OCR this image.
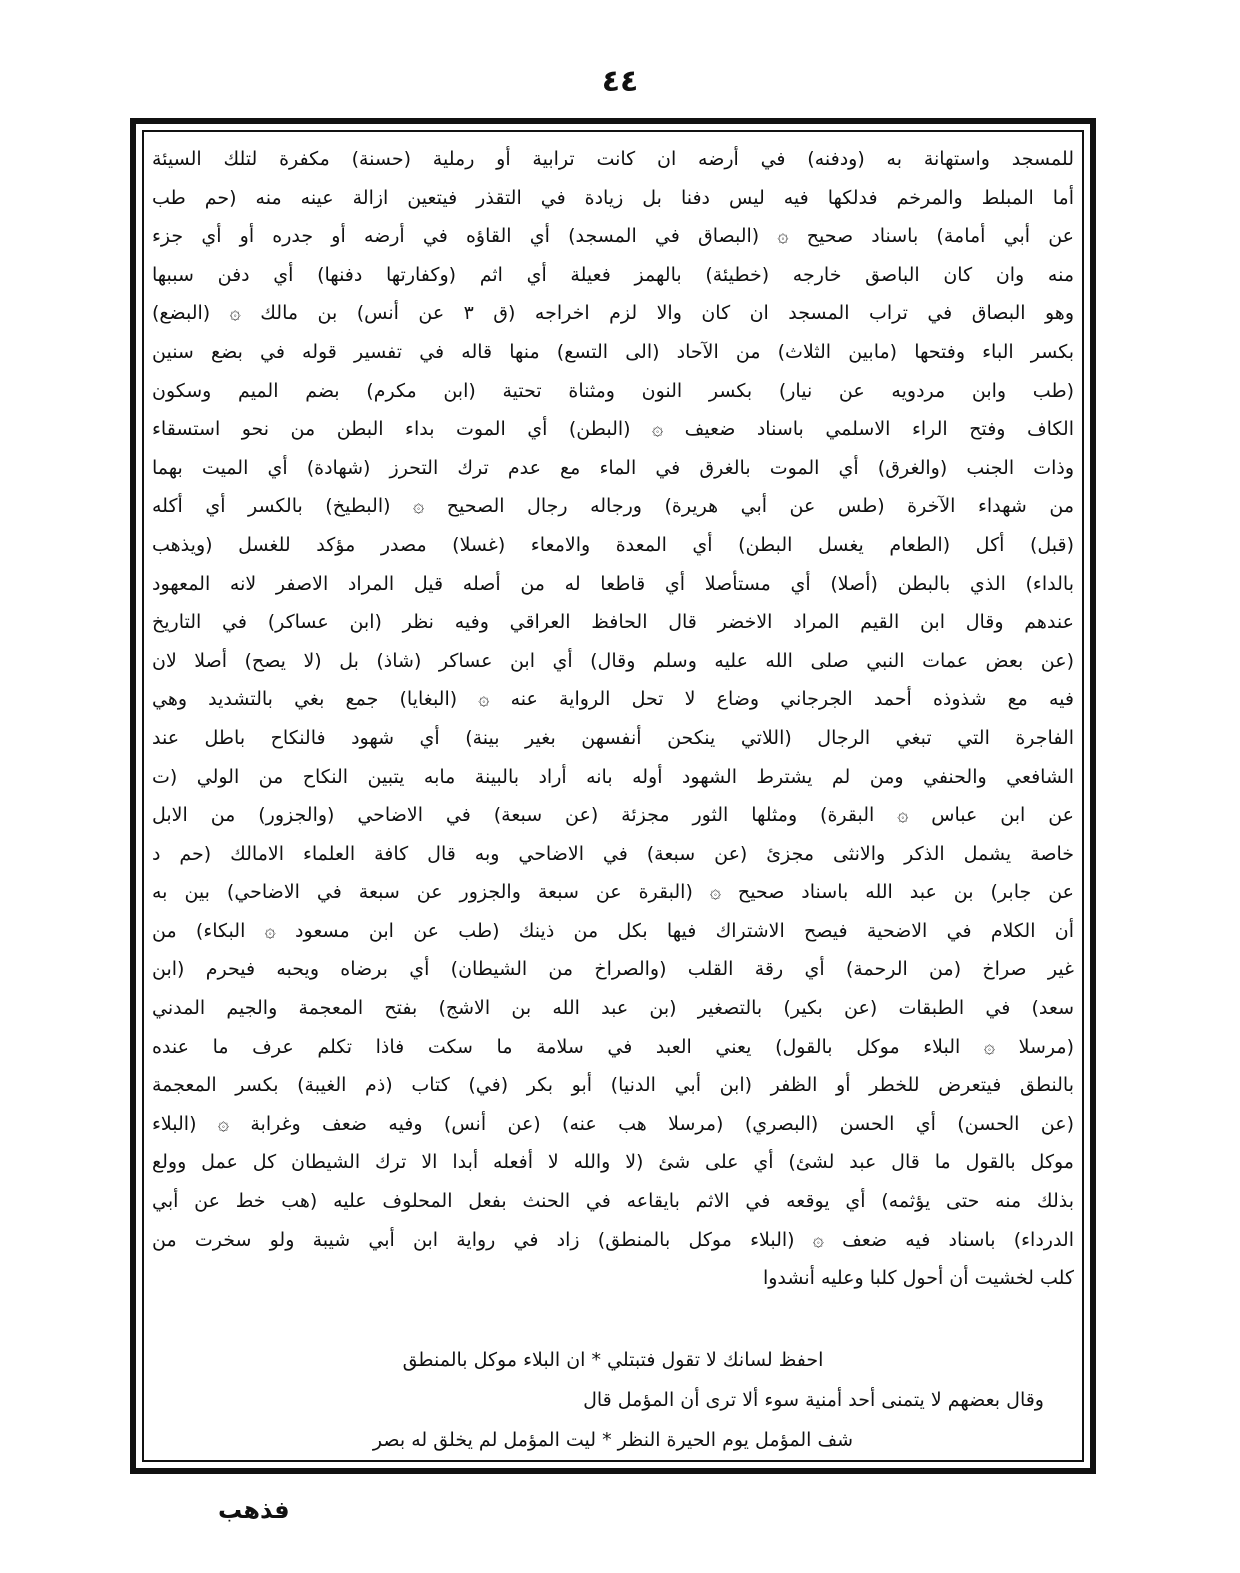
٤٤
للمسجد واستهانة به (ودفنه) في أرضه ان كانت ترابية أو رملية (حسنة) مكفرة لتلك السيئة
أما المبلط والمرخم فدلكها فيه ليس دفنا بل زيادة في التقذر فيتعين ازالة عينه منه (حم طب
عن أبي أمامة) باسناد صحيح ۞ (البصاق في المسجد) أي القاؤه في أرضه أو جدره أو أي جزء
منه وان كان الباصق خارجه (خطيئة) بالهمز فعيلة أي اثم (وكفارتها دفنها) أي دفن سببها
وهو البصاق في تراب المسجد ان كان والا لزم اخراجه (ق ٣ عن أنس) بن مالك ۞ (البضع)
بكسر الباء وفتحها (مابين الثلاث) من الآحاد (الى التسع) منها قاله في تفسير قوله في بضع سنين
(طب وابن مردويه عن نيار) بكسر النون ومثناة تحتية (ابن مكرم) بضم الميم وسكون
الكاف وفتح الراء الاسلمي باسناد ضعيف ۞ (البطن) أي الموت بداء البطن من نحو استسقاء
وذات الجنب (والغرق) أي الموت بالغرق في الماء مع عدم ترك التحرز (شهادة) أي الميت بهما
من شهداء الآخرة (طس عن أبي هريرة) ورجاله رجال الصحيح ۞ (البطيخ) بالكسر أي أكله
(قبل) أكل (الطعام يغسل البطن) أي المعدة والامعاء (غسلا) مصدر مؤكد للغسل (ويذهب
بالداء) الذي بالبطن (أصلا) أي مستأصلا أي قاطعا له من أصله قيل المراد الاصفر لانه المعهود
عندهم وقال ابن القيم المراد الاخضر قال الحافظ العراقي وفيه نظر (ابن عساكر) في التاريخ
(عن بعض عمات النبي صلى الله عليه وسلم وقال) أي ابن عساكر (شاذ) بل (لا يصح) أصلا لان
فيه مع شذوذه أحمد الجرجاني وضاع لا تحل الرواية عنه ۞ (البغايا) جمع بغي بالتشديد وهي
الفاجرة التي تبغي الرجال (اللاتي ينكحن أنفسهن بغير بينة) أي شهود فالنكاح باطل عند
الشافعي والحنفي ومن لم يشترط الشهود أوله بانه أراد بالبينة مابه يتبين النكاح من الولي (ت
عن ابن عباس ۞ البقرة) ومثلها الثور مجزئة (عن سبعة) في الاضاحي (والجزور) من الابل
خاصة يشمل الذكر والانثى مجزئ (عن سبعة) في الاضاحي وبه قال كافة العلماء الامالك (حم د
عن جابر) بن عبد الله باسناد صحيح ۞ (البقرة عن سبعة والجزور عن سبعة في الاضاحي) بين به
أن الكلام في الاضحية فيصح الاشتراك فيها بكل من ذينك (طب عن ابن مسعود ۞ البكاء) من
غير صراخ (من الرحمة) أي رقة القلب (والصراخ من الشيطان) أي برضاه ويحبه فيحرم (ابن
سعد) في الطبقات (عن بكير) بالتصغير (بن عبد الله بن الاشج) بفتح المعجمة والجيم المدني
(مرسلا ۞ البلاء موكل بالقول) يعني العبد في سلامة ما سكت فاذا تكلم عرف ما عنده
بالنطق فيتعرض للخطر أو الظفر (ابن أبي الدنيا) أبو بكر (في) كتاب (ذم الغيبة) بكسر المعجمة
(عن الحسن) أي الحسن (البصري) (مرسلا هب عنه) (عن أنس) وفيه ضعف وغرابة ۞ (البلاء
موكل بالقول ما قال عبد لشئ) أي على شئ (لا والله لا أفعله أبدا الا ترك الشيطان كل عمل وولع
بذلك منه حتى يؤثمه) أي يوقعه في الاثم بايقاعه في الحنث بفعل المحلوف عليه (هب خط عن أبي
الدرداء) باسناد فيه ضعف ۞ (البلاء موكل بالمنطق) زاد في رواية ابن أبي شيبة ولو سخرت من
كلب لخشيت أن أحول كلبا وعليه أنشدوا
احفظ لسانك لا تقول فتبتلي * ان البلاء موكل بالمنطق
وقال بعضهم لا يتمنى أحد أمنية سوء ألا ترى أن المؤمل قال
شف المؤمل يوم الحيرة النظر * ليت المؤمل لم يخلق له بصر
فذهب
